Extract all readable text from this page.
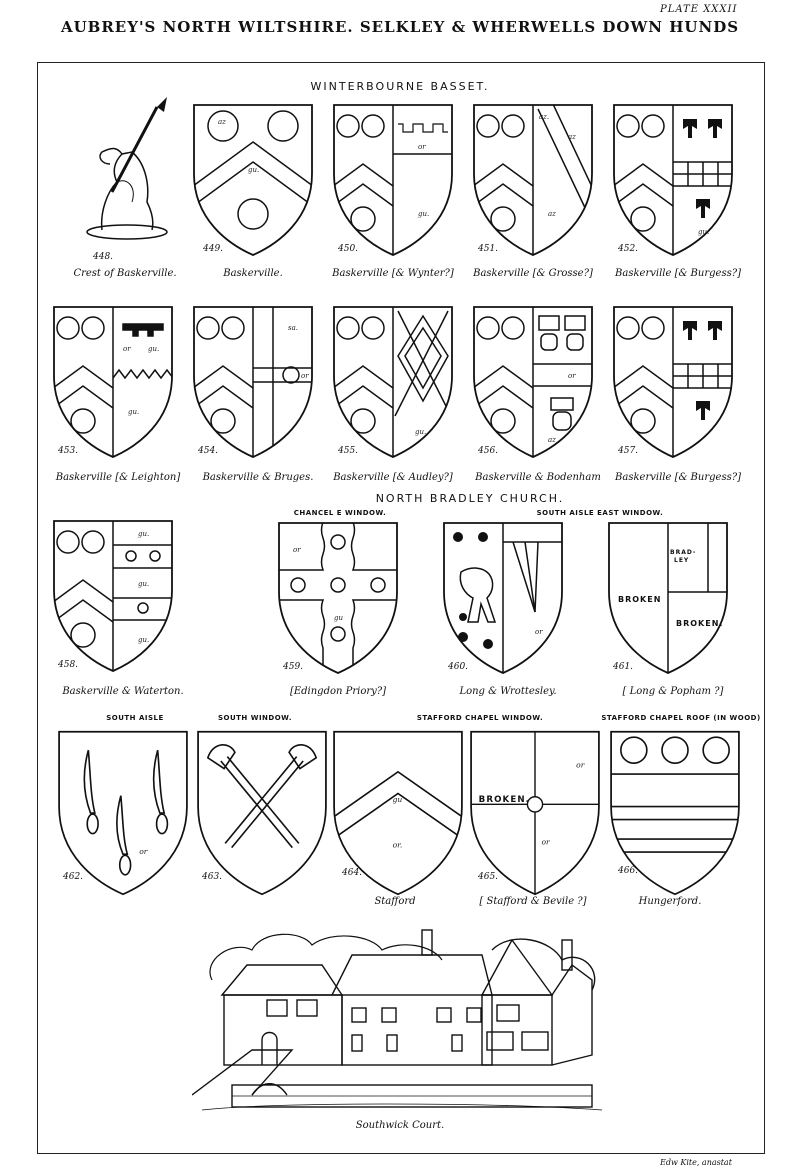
PLATE XXXII
AUBREY'S NORTH WILTSHIRE. SELKLEY & WHERWELLS DOWN HUNDS
WINTERBOURNE BASSET.
448.
Crest of Baskerville.
az
gu.
449.
Baskerville.
or
gu.
450.
Baskerville [& Wynter?]
az.
az
az
451.
Baskerville [& Grosse?]
gu.
452.
Baskerville [& Burgess?]
or gu.
gu.
453.
Baskerville [& Leighton]
sa.
or
454.
Baskerville & Bruges.
gu.
455.
Baskerville [& Audley?]
or
az
456.
Baskerville & Bodenham
457.
Baskerville [& Burgess?]
NORTH BRADLEY CHURCH.
CHANCEL E WINDOW.	SOUTH AISLE EAST WINDOW.
gu.
gu.
gu.
458.
Baskerville & Waterton.
or
gu
459.
[Edingdon Priory?]
or
460.
Long & Wrottesley.
BRAD-
LEY
BROKEN
BROKEN.
461.
[ Long & Popham ?]
SOUTH AISLE	SOUTH WINDOW.	STAFFORD CHAPEL WINDOW.	STAFFORD CHAPEL ROOF (IN WOOD)
or
462.	463.
gu
or.
464.
Stafford
BROKEN.
or
or
465.
[ Stafford & Bevile ?]
466.
Hungerford.
Southwick Court.
Edw Kite, anastat
